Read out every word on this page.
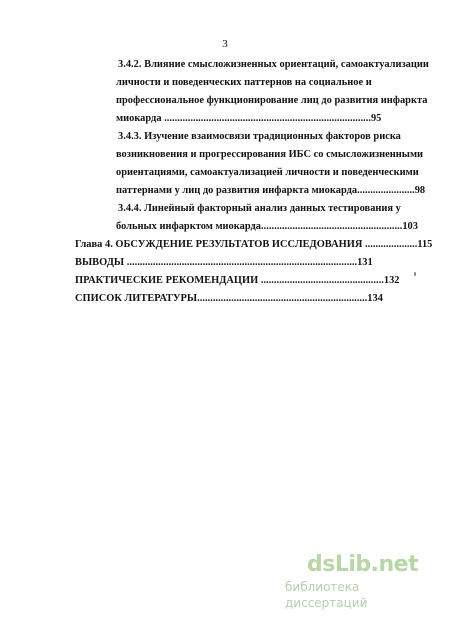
3
3.4.2. Влияние смысложизненных ориентаций, самоактуализации
личности и поведенческих паттернов на социальное и
профессиональное функционирование лиц до развития инфаркта
миокарда ...............................................................................95
3.4.3. Изучение взаимосвязи традиционных факторов риска
возникновения и прогрессирования ИБС со смысложизненными
ориентациями, самоактуализацией личности и поведенческими
паттернами у лиц до развития инфаркта миокарда......................98
3.4.4. Линейный факторный анализ данных тестирования у
больных инфарктом миокарда......................................................103
Глава 4. ОБСУЖДЕНИЕ РЕЗУЛЬТАТОВ ИССЛЕДОВАНИЯ ....................115
ВЫВОДЫ ........................................................................................131
ПРАКТИЧЕСКИЕ РЕКОМЕНДАЦИИ ...............................................132
СПИСОК ЛИТЕРАТУРЫ.................................................................134
dsLib.net
библиотека диссертаций
